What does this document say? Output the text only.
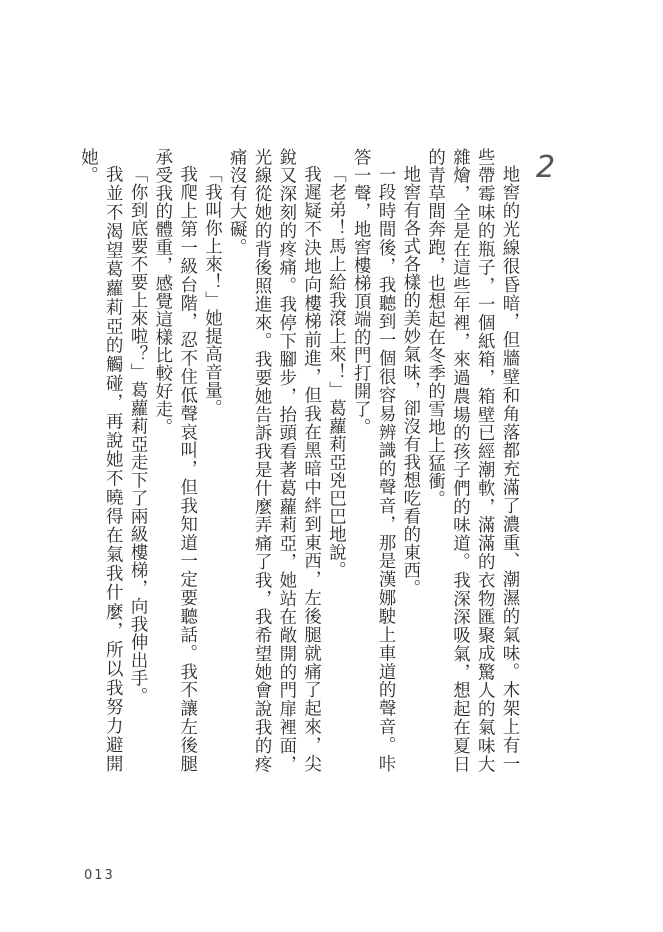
2

地窖的光線很昏暗，但牆壁和角落都充滿了濃重、潮濕的氣味。木架上有一些帶霉味的瓶子，一個紙箱，箱壁已經潮軟，滿滿的衣物匯聚成驚人的氣味大雜燴，全是在這些年裡，來過農場的孩子們的味道。我深深吸氣，想起在夏日的青草間奔跑，也想起在冬季的雪地上猛衝。

地窖有各式各樣的美妙氣味，卻沒有我想吃看的東西。

一段時間後，我聽到一個很容易辨識的聲音，那是漢娜駛上車道的聲音。咔答一聲，地窖樓梯頂端的門打開了。

「老弟！馬上給我滾上來！」葛蘿莉亞兇巴巴地說。

我遲疑不決地向樓梯前進，但我在黑暗中絆到東西，左後腿就痛了起來，尖銳又深刻的疼痛。我停下腳步，抬頭看著葛蘿莉亞，她站在敞開的門扉裡面，光線從她的背後照進來。我要她告訴我是什麼弄痛了我，我希望她會說我的疼痛沒有大礙。

「我叫你上來！」她提高音量。

我爬上第一級台階，忍不住低聲哀叫，但我知道一定要聽話。我不讓左後腿承受我的體重，感覺這樣比較好走。

「你到底要不要上來啦？」葛蘿莉亞走下了兩級樓梯，向我伸出手。

我並不渴望葛蘿莉亞的觸碰，再說她不曉得在氣我什麼，所以我努力避開她。

013
